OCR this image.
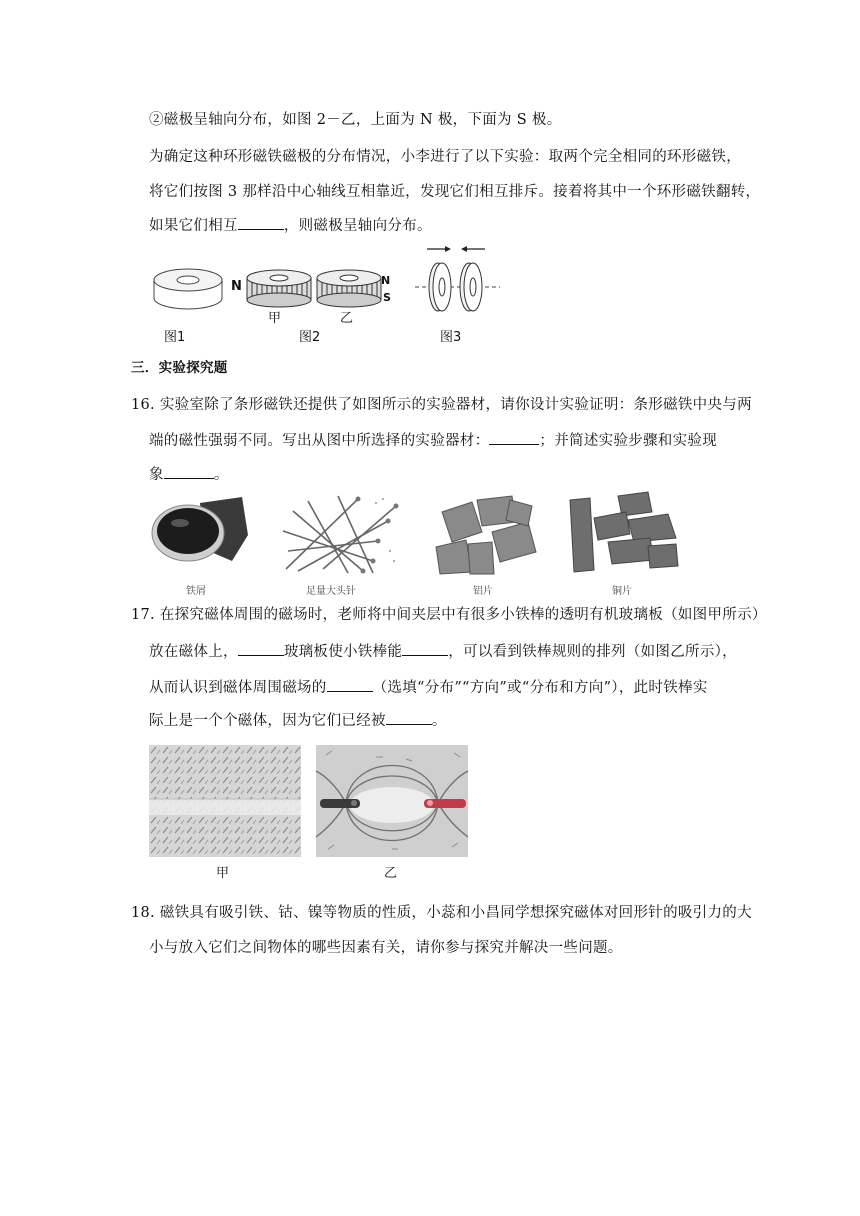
②磁极呈轴向分布，如图 2－乙，上面为 N 极，下面为 S 极。
为确定这种环形磁铁磁极的分布情况，小李进行了以下实验：取两个完全相同的环形磁铁，
将它们按图 3 那样沿中心轴线互相靠近，发现它们相互排斥。接着将其中一个环形磁铁翻转，
如果它们相互	，则磁极呈轴向分布。
图1
N
甲	乙
N
S
图2	图3
三．实验探究题
16. 实验室除了条形磁铁还提供了如图所示的实验器材，请你设计实验证明：条形磁铁中央与两
端的磁性强弱不同。写出从图中所选择的实验器材：	；并简述实验步骤和实验现
象	。
铁屑	足量大头针	铝片	铜片
17. 在探究磁体周围的磁场时，老师将中间夹层中有很多小铁棒的透明有机玻璃板（如图甲所示）
放在磁体上，	玻璃板使小铁棒能	，可以看到铁棒规则的排列（如图乙所示），
从而认识到磁体周围磁场的	（选填“分布”“方向”或“分布和方向”），此时铁棒实
际上是一个个磁体，因为它们已经被	。
甲	乙
18. 磁铁具有吸引铁、钴、镍等物质的性质，小蕊和小昌同学想探究磁体对回形针的吸引力的大
小与放入它们之间物体的哪些因素有关，请你参与探究并解决一些问题。
